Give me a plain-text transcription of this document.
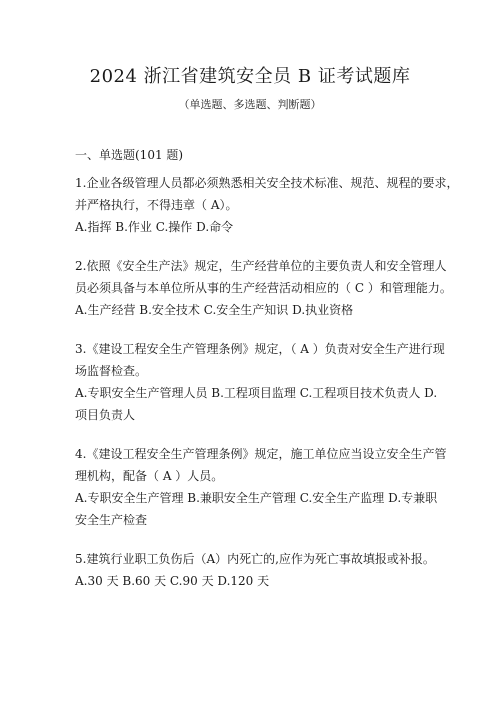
2024 浙江省建筑安全员 B 证考试题库
（单选题、多选题、判断题）
一、单选题(101 题)
1.企业各级管理人员都必须熟悉相关安全技术标准、规范、规程的要求，
并严格执行，不得违章（ A）。
A.指挥 B.作业 C.操作 D.命令
2.依照《安全生产法》规定，生产经营单位的主要负责人和安全管理人
员必须具备与本单位所从事的生产经营活动相应的（ C ）和管理能力。
A.生产经营 B.安全技术 C.安全生产知识 D.执业资格
3.《建设工程安全生产管理条例》规定，（ A ）负责对安全生产进行现
场监督检查。
A.专职安全生产管理人员 B.工程项目监理 C.工程项目技术负责人 D.
项目负责人
4.《建设工程安全生产管理条例》规定，施工单位应当设立安全生产管
理机构，配备（ A ）人员。
A.专职安全生产管理 B.兼职安全生产管理 C.安全生产监理 D.专兼职
安全生产检查
5.建筑行业职工负伤后（A）内死亡的,应作为死亡事故填报或补报。
A.30 天 B.60 天 C.90 天 D.120 天
